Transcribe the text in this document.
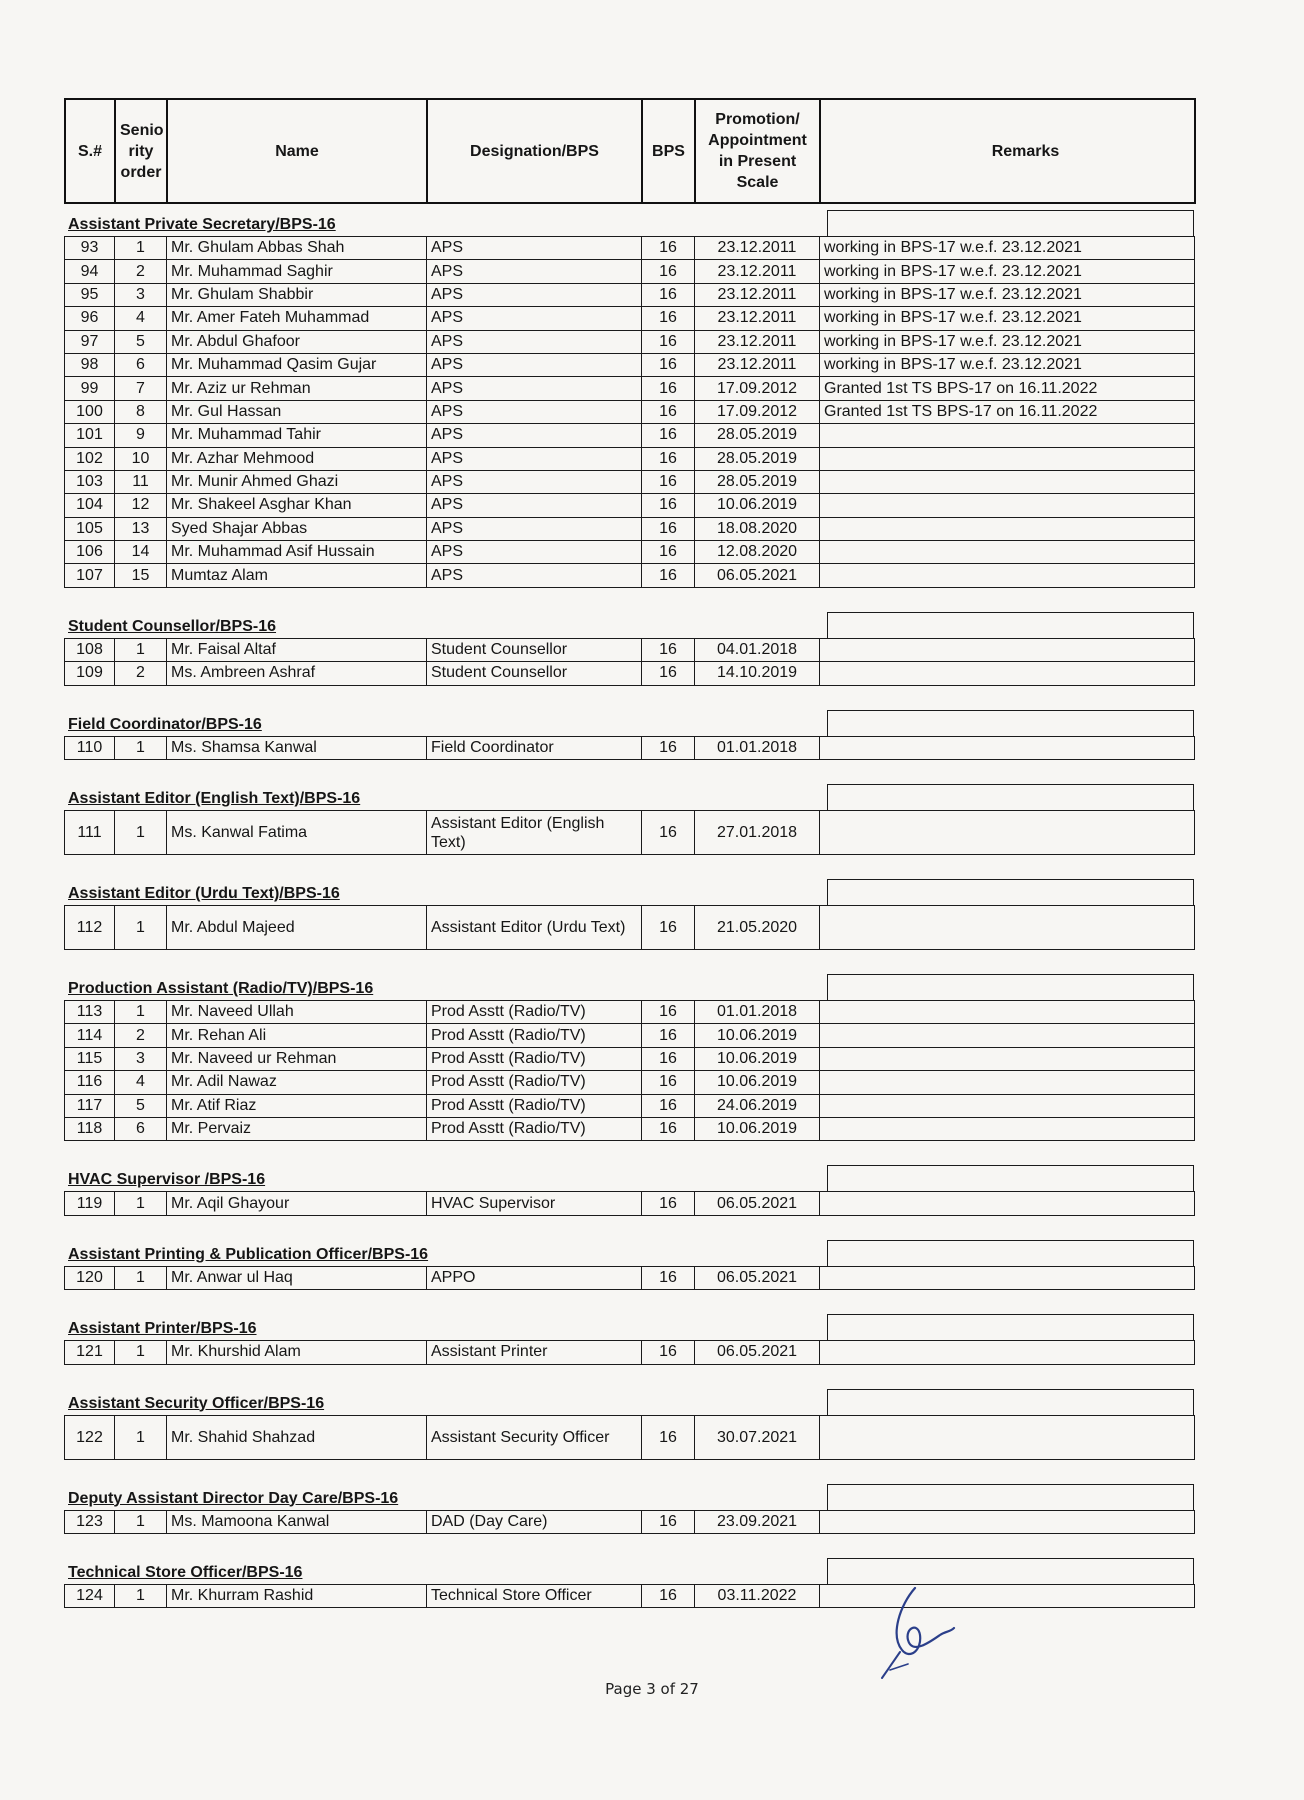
S.#	Senio rity order	Name	Designation/BPS	BPS	Promotion/ Appointment in Present Scale	Remarks
Assistant Private Secretary/BPS-16
93	1	Mr. Ghulam Abbas Shah	APS	16	23.12.2011	working in BPS-17 w.e.f. 23.12.2021
94	2	Mr. Muhammad Saghir	APS	16	23.12.2011	working in BPS-17 w.e.f. 23.12.2021
95	3	Mr. Ghulam Shabbir	APS	16	23.12.2011	working in BPS-17 w.e.f. 23.12.2021
96	4	Mr. Amer Fateh Muhammad	APS	16	23.12.2011	working in BPS-17 w.e.f. 23.12.2021
97	5	Mr. Abdul Ghafoor	APS	16	23.12.2011	working in BPS-17 w.e.f. 23.12.2021
98	6	Mr. Muhammad Qasim Gujar	APS	16	23.12.2011	working in BPS-17 w.e.f. 23.12.2021
99	7	Mr. Aziz ur Rehman	APS	16	17.09.2012	Granted 1st TS BPS-17 on 16.11.2022
100	8	Mr. Gul Hassan	APS	16	17.09.2012	Granted 1st TS BPS-17 on 16.11.2022
101	9	Mr. Muhammad Tahir	APS	16	28.05.2019	
102	10	Mr. Azhar Mehmood	APS	16	28.05.2019	
103	11	Mr. Munir Ahmed Ghazi	APS	16	28.05.2019	
104	12	Mr. Shakeel Asghar Khan	APS	16	10.06.2019	
105	13	Syed Shajar Abbas	APS	16	18.08.2020	
106	14	Mr. Muhammad Asif Hussain	APS	16	12.08.2020	
107	15	Mumtaz Alam	APS	16	06.05.2021	
Student Counsellor/BPS-16
108	1	Mr. Faisal Altaf	Student Counsellor	16	04.01.2018	
109	2	Ms. Ambreen Ashraf	Student Counsellor	16	14.10.2019	
Field Coordinator/BPS-16
110	1	Ms. Shamsa Kanwal	Field Coordinator	16	01.01.2018	
Assistant Editor (English Text)/BPS-16
111	1	Ms. Kanwal Fatima	Assistant Editor (English Text)	16	27.01.2018	
Assistant Editor (Urdu Text)/BPS-16
112	1	Mr. Abdul Majeed	Assistant Editor (Urdu Text)	16	21.05.2020	
Production Assistant (Radio/TV)/BPS-16
113	1	Mr. Naveed Ullah	Prod Asstt (Radio/TV)	16	01.01.2018	
114	2	Mr. Rehan Ali	Prod Asstt (Radio/TV)	16	10.06.2019	
115	3	Mr. Naveed ur Rehman	Prod Asstt (Radio/TV)	16	10.06.2019	
116	4	Mr. Adil Nawaz	Prod Asstt (Radio/TV)	16	10.06.2019	
117	5	Mr. Atif Riaz	Prod Asstt (Radio/TV)	16	24.06.2019	
118	6	Mr. Pervaiz	Prod Asstt (Radio/TV)	16	10.06.2019	
HVAC Supervisor /BPS-16
119	1	Mr. Aqil Ghayour	HVAC Supervisor	16	06.05.2021	
Assistant Printing & Publication Officer/BPS-16
120	1	Mr. Anwar ul Haq	APPO	16	06.05.2021	
Assistant Printer/BPS-16
121	1	Mr. Khurshid Alam	Assistant Printer	16	06.05.2021	
Assistant Security Officer/BPS-16
122	1	Mr. Shahid Shahzad	Assistant Security Officer	16	30.07.2021	
Deputy Assistant Director Day Care/BPS-16
123	1	Ms. Mamoona Kanwal	DAD (Day Care)	16	23.09.2021	
Technical Store Officer/BPS-16
124	1	Mr. Khurram Rashid	Technical Store Officer	16	03.11.2022	
Page 3 of 27
